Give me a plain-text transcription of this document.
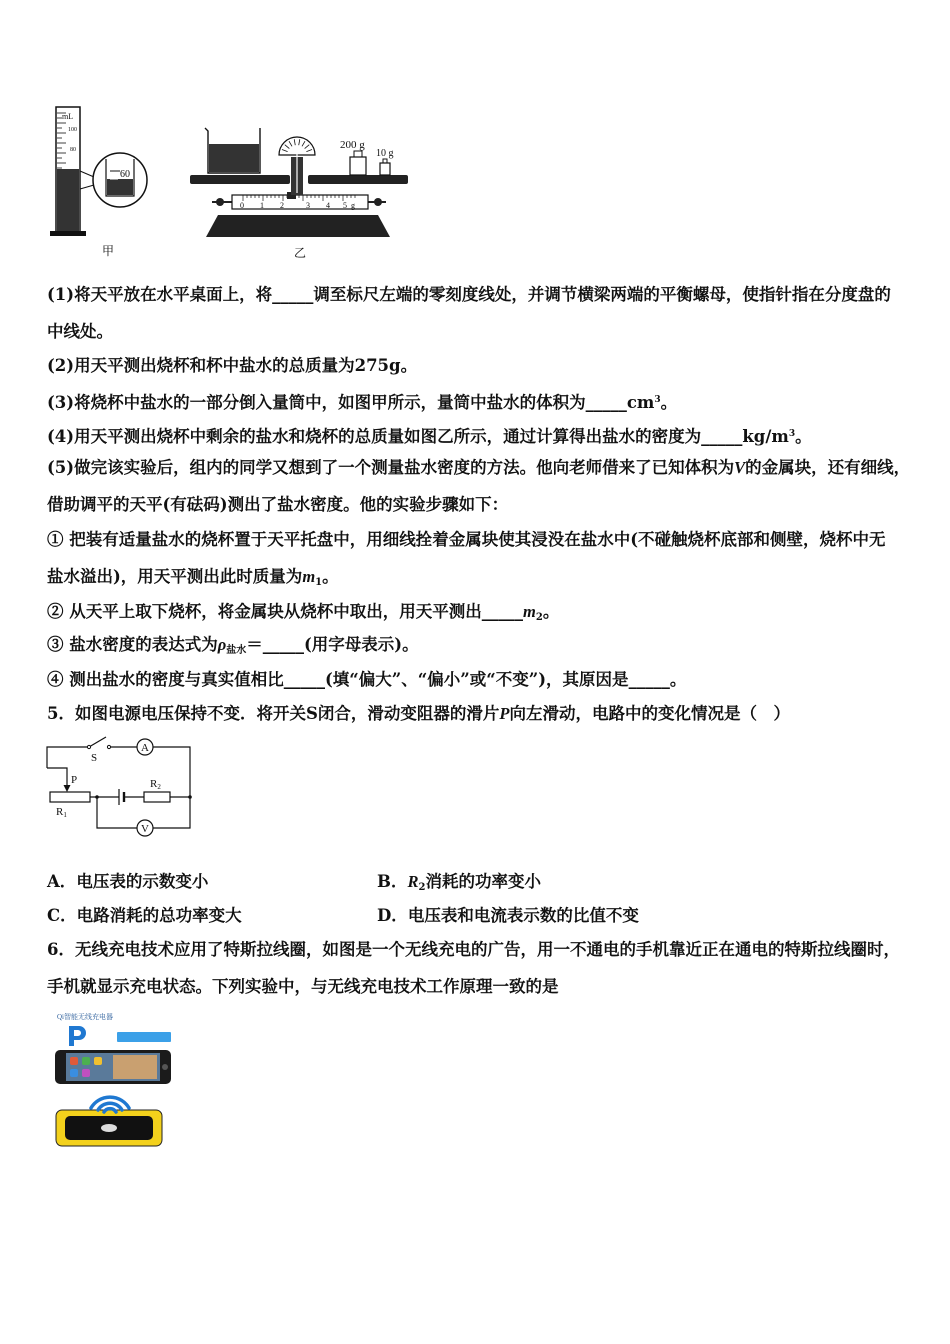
mL
100
80
60
甲
0 1 2	3 4 5 g
200 g
10 g
乙
(1)将天平放在水平桌面上，将_____调至标尺左端的零刻度线处，并调节横梁两端的平衡螺母，使指针指在分度盘的
中线处。
(2)用天平测出烧杯和杯中盐水的总质量为275g。
(3)将烧杯中盐水的一部分倒入量筒中，如图甲所示，量筒中盐水的体积为$\_\_\_\_\_cm^3$。
(4)用天平测出烧杯中剩余的盐水和烧杯的总质量如图乙所示，通过计算得出盐水的密度为$\_\_\_\_\_kg/m^3$。
(5)做完该实验后，组内的同学又想到了一个测量盐水密度的方法。他向老师借来了已知体积为V的金属块，还有细线，
借助调平的天平(有砝码)测出了盐水密度。他的实验步骤如下：
① 把装有适量盐水的烧杯置于天平托盘中，用细线拴着金属块使其浸没在盐水中(不碰触烧杯底部和侧壁，烧杯中无
盐水溢出)，用天平测出此时质量为$m_1$。
② 从天平上取下烧杯，将金属块从烧杯中取出，用天平测出$\_\_\_\_\_m_2$。
③ 盐水密度的表达式为$\rho_{盐水}=\_\_\_\_\_$(用字母表示)。
④ 测出盐水的密度与真实值相比_____(填“偏大”、“偏小”或“不变”)，其原因是_____。
5．如图电源电压保持不变．将开关S闭合，滑动变阻器的滑片P向左滑动，电路中的变化情况是（　）
A
V
S
P
R1
R2
A．电压表的示数变小	B．$R_2$消耗的功率变小
C．电路消耗的总功率变大	D．电压表和电流表示数的比值不变
6．无线充电技术应用了特斯拉线圈，如图是一个无线充电的广告，用一不通电的手机靠近正在通电的特斯拉线圈时，
手机就显示充电状态。下列实验中，与无线充电技术工作原理一致的是
Qi智能无线充电器
